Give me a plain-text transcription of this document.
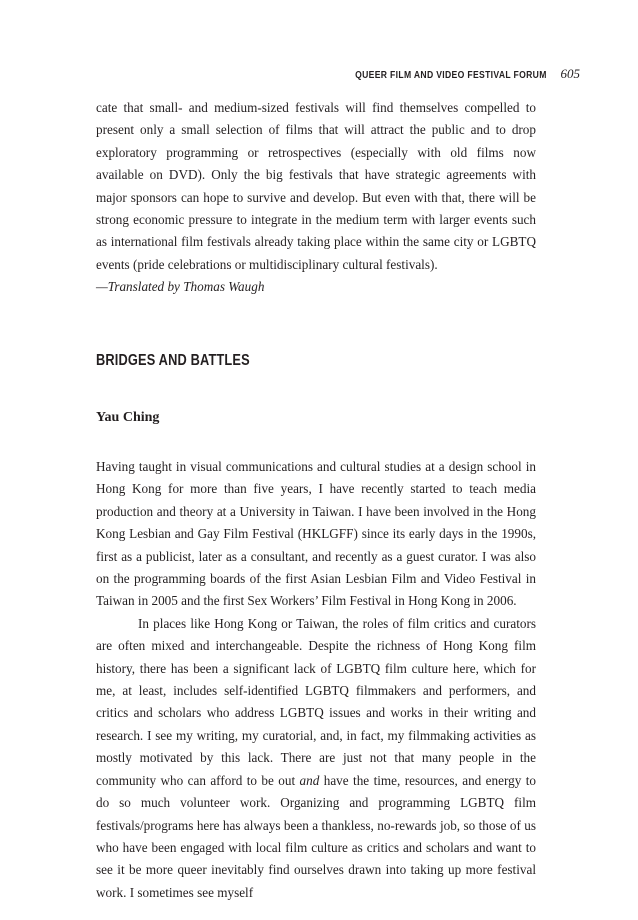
QUEER FILM AND VIDEO FESTIVAL FORUM 605

cate that small- and medium-sized festivals will find themselves compelled to present only a small selection of films that will attract the public and to drop exploratory programming or retrospectives (especially with old films now available on DVD). Only the big festivals that have strategic agreements with major sponsors can hope to survive and develop. But even with that, there will be strong economic pressure to integrate in the medium term with larger events such as international film festivals already taking place within the same city or LGBTQ events (pride celebrations or multidisciplinary cultural festivals).

—Translated by Thomas Waugh

BRIDGES AND BATTLES
Yau Ching

Having taught in visual communications and cultural studies at a design school in Hong Kong for more than five years, I have recently started to teach media production and theory at a University in Taiwan. I have been involved in the Hong Kong Lesbian and Gay Film Festival (HKLGFF) since its early days in the 1990s, first as a publicist, later as a consultant, and recently as a guest curator. I was also on the programming boards of the first Asian Lesbian Film and Video Festival in Taiwan in 2005 and the first Sex Workers’ Film Festival in Hong Kong in 2006.

In places like Hong Kong or Taiwan, the roles of film critics and curators are often mixed and interchangeable. Despite the richness of Hong Kong film history, there has been a significant lack of LGBTQ film culture here, which for me, at least, includes self-identified LGBTQ filmmakers and performers, and critics and scholars who address LGBTQ issues and works in their writing and research. I see my writing, my curatorial, and, in fact, my filmmaking activities as mostly motivated by this lack. There are just not that many people in the community who can afford to be out and have the time, resources, and energy to do so much volunteer work. Organizing and programming LGBTQ film festivals/programs here has always been a thankless, no-rewards job, so those of us who have been engaged with local film culture as critics and scholars and want to see it be more queer inevitably find ourselves drawn into taking up more festival work. I sometimes see myself
